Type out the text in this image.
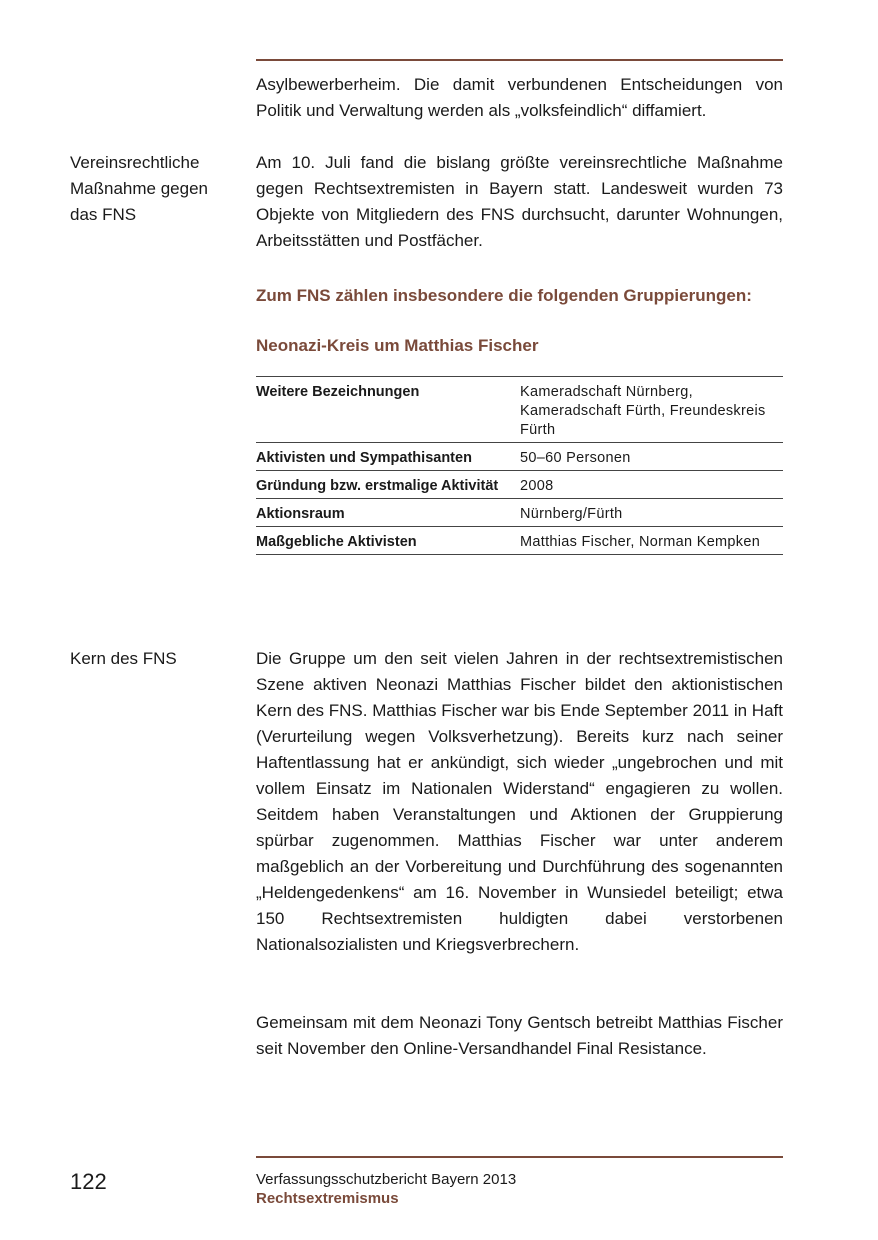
Asylbewerberheim. Die damit verbundenen Entscheidungen von Politik und Verwaltung werden als „volksfeindlich“ diffamiert.

Vereinsrechtliche Maßnahme gegen das FNS

Am 10. Juli fand die bislang größte vereinsrechtliche Maßnahme gegen Rechtsextremisten in Bayern statt. Landesweit wurden 73 Objekte von Mitgliedern des FNS durchsucht, darunter Wohnungen, Arbeitsstätten und Postfächer.

Zum FNS zählen insbesondere die folgenden Gruppierungen:

Neonazi-Kreis um Matthias Fischer

Weitere Bezeichnungen	Kameradschaft Nürnberg, Kameradschaft Fürth, Freundeskreis Fürth
Aktivisten und Sympathisanten	50–60 Personen
Gründung bzw. erstmalige Aktivität	2008
Aktionsraum	Nürnberg/Fürth
Maßgebliche Aktivisten	Matthias Fischer, Norman Kempken

Kern des FNS	Die Gruppe um den seit vielen Jahren in der rechtsextremistischen Szene aktiven Neonazi Matthias Fischer bildet den aktionistischen Kern des FNS. Matthias Fischer war bis Ende September 2011 in Haft (Verurteilung wegen Volksverhetzung). Bereits kurz nach seiner Haftentlassung hat er ankündigt, sich wieder „ungebrochen und mit vollem Einsatz im Nationalen Widerstand“ engagieren zu wollen. Seitdem haben Veranstaltungen und Aktionen der Gruppierung spürbar zugenommen. Matthias Fischer war unter anderem maßgeblich an der Vorbereitung und Durchführung des sogenannten „Heldengedenkens“ am 16. November in Wunsiedel beteiligt; etwa 150 Rechtsextremisten huldigten dabei verstorbenen Nationalsozialisten und Kriegsverbrechern.

Gemeinsam mit dem Neonazi Tony Gentsch betreibt Matthias Fischer seit November den Online-Versandhandel Final Resistance.

122	Verfassungsschutzbericht Bayern 2013
Rechtsextremismus
